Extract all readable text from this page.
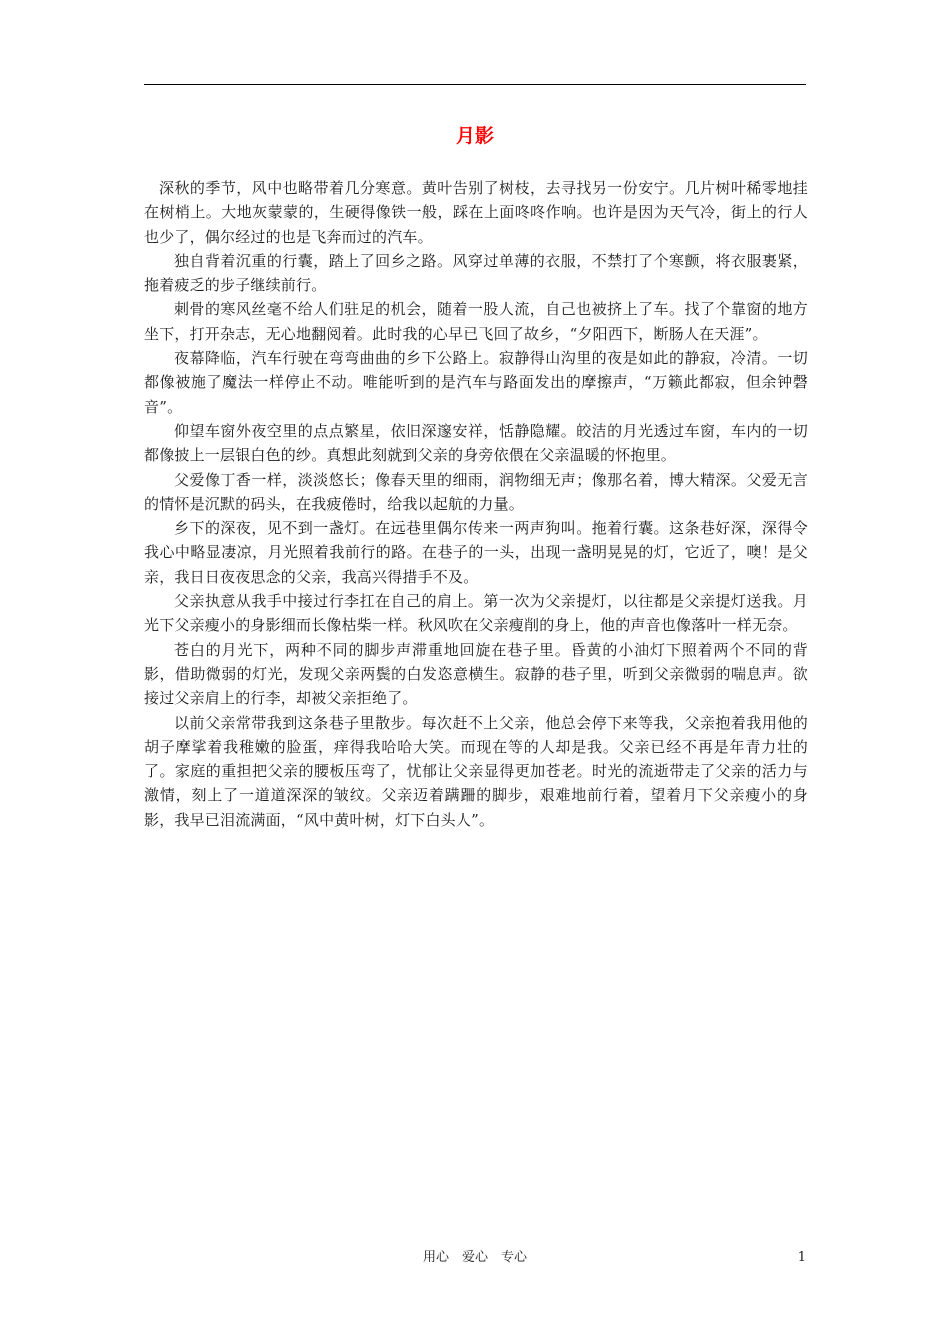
月影

深秋的季节，风中也略带着几分寒意。黄叶告别了树枝，去寻找另一份安宁。几片树叶稀零地挂在树梢上。大地灰蒙蒙的，生硬得像铁一般，踩在上面咚咚作响。也许是因为天气冷，街上的行人也少了，偶尔经过的也是飞奔而过的汽车。

独自背着沉重的行囊，踏上了回乡之路。风穿过单薄的衣服，不禁打了个寒颤，将衣服裹紧，拖着疲乏的步子继续前行。

刺骨的寒风丝毫不给人们驻足的机会，随着一股人流，自己也被挤上了车。找了个靠窗的地方坐下，打开杂志，无心地翻阅着。此时我的心早已飞回了故乡，“夕阳西下，断肠人在天涯”。

夜幕降临，汽车行驶在弯弯曲曲的乡下公路上。寂静得山沟里的夜是如此的静寂，冷清。一切都像被施了魔法一样停止不动。唯能听到的是汽车与路面发出的摩擦声，“万籁此都寂，但余钟磬音”。

仰望车窗外夜空里的点点繁星，依旧深邃安祥，恬静隐耀。皎洁的月光透过车窗，车内的一切都像披上一层银白色的纱。真想此刻就到父亲的身旁依偎在父亲温暖的怀抱里。

父爱像丁香一样，淡淡悠长；像春天里的细雨，润物细无声；像那名着，博大精深。父爱无言的情怀是沉默的码头，在我疲倦时，给我以起航的力量。

乡下的深夜，见不到一盏灯。在远巷里偶尔传来一两声狗叫。拖着行囊。这条巷好深，深得令我心中略显凄凉，月光照着我前行的路。在巷子的一头，出现一盏明晃晃的灯，它近了，噢！是父亲，我日日夜夜思念的父亲，我高兴得措手不及。

父亲执意从我手中接过行李扛在自己的肩上。第一次为父亲提灯，以往都是父亲提灯送我。月光下父亲瘦小的身影细而长像枯柴一样。秋风吹在父亲瘦削的身上，他的声音也像落叶一样无奈。

苍白的月光下，两种不同的脚步声滞重地回旋在巷子里。昏黄的小油灯下照着两个不同的背影，借助微弱的灯光，发现父亲两鬓的白发恣意横生。寂静的巷子里，听到父亲微弱的喘息声。欲接过父亲肩上的行李，却被父亲拒绝了。

以前父亲常带我到这条巷子里散步。每次赶不上父亲，他总会停下来等我，父亲抱着我用他的胡子摩挲着我稚嫩的脸蛋，痒得我哈哈大笑。而现在等的人却是我。父亲已经不再是年青力壮的了。家庭的重担把父亲的腰板压弯了，忧郁让父亲显得更加苍老。时光的流逝带走了父亲的活力与激情，刻上了一道道深深的皱纹。父亲迈着蹒跚的脚步，艰难地前行着，望着月下父亲瘦小的身影，我早已泪流满面，“风中黄叶树，灯下白头人”。

用心　爱心　专心	1
